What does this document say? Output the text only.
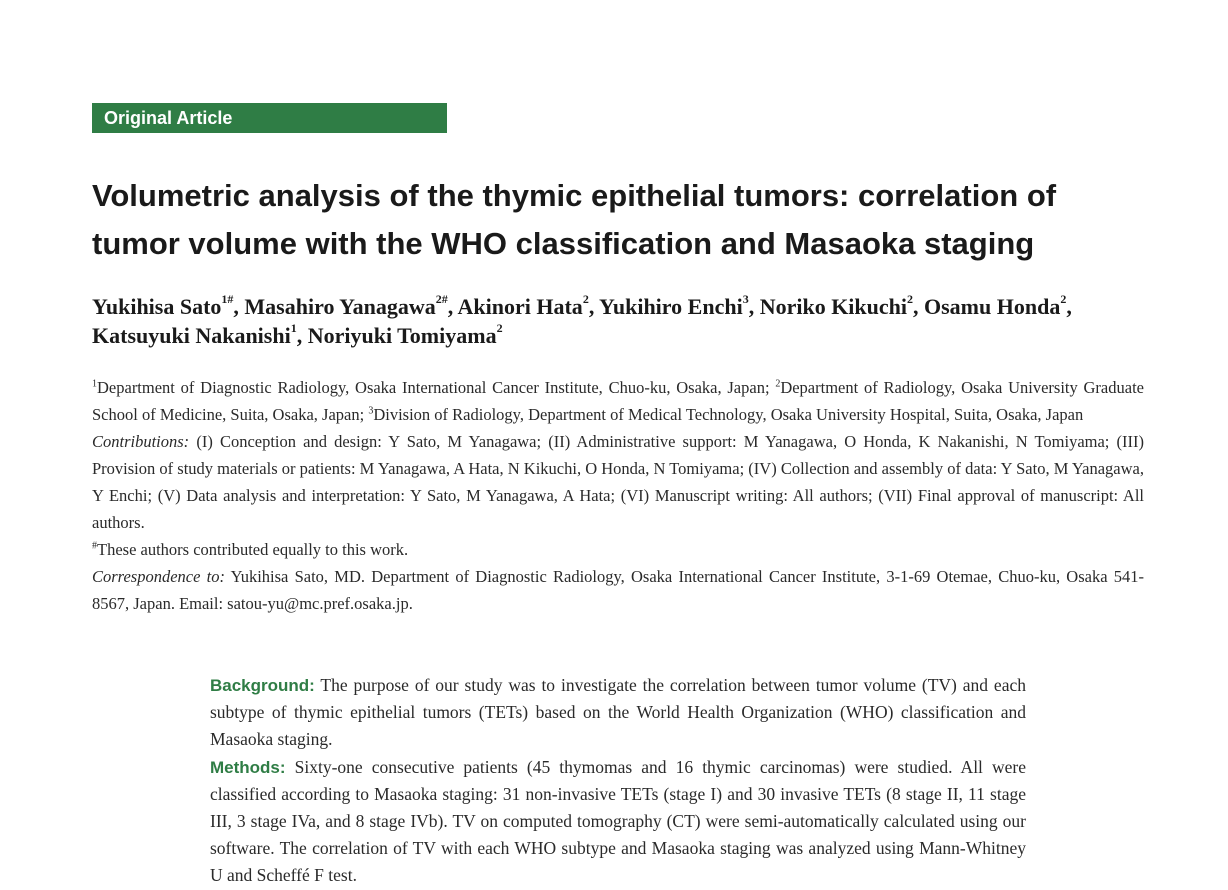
Original Article
Volumetric analysis of the thymic epithelial tumors: correlation of tumor volume with the WHO classification and Masaoka staging
Yukihisa Sato$^{1\#}$, Masahiro Yanagawa$^{2\#}$, Akinori Hata$^2$, Yukihiro Enchi$^3$, Noriko Kikuchi$^2$, Osamu Honda$^2$,
Katsuyuki Nakanishi$^1$, Noriyuki Tomiyama$^2$

$^1$Department of Diagnostic Radiology, Osaka International Cancer Institute, Chuo-ku, Osaka, Japan; $^2$Department of Radiology, Osaka University Graduate School of Medicine, Suita, Osaka, Japan; $^3$Division of Radiology, Department of Medical Technology, Osaka University Hospital, Suita, Osaka, Japan

Contributions: (I) Conception and design: Y Sato, M Yanagawa; (II) Administrative support: M Yanagawa, O Honda, K Nakanishi, N Tomiyama; (III) Provision of study materials or patients: M Yanagawa, A Hata, N Kikuchi, O Honda, N Tomiyama; (IV) Collection and assembly of data: Y Sato, M Yanagawa, Y Enchi; (V) Data analysis and interpretation: Y Sato, M Yanagawa, A Hata; (VI) Manuscript writing: All authors; (VII) Final approval of manuscript: All authors.

#These authors contributed equally to this work.

Correspondence to: Yukihisa Sato, MD. Department of Diagnostic Radiology, Osaka International Cancer Institute, 3-1-69 Otemae, Chuo-ku, Osaka 541-8567, Japan. Email: satou-yu@mc.pref.osaka.jp.

Background: The purpose of our study was to investigate the correlation between tumor volume (TV) and each subtype of thymic epithelial tumors (TETs) based on the World Health Organization (WHO) classification and Masaoka staging.

Methods: Sixty-one consecutive patients (45 thymomas and 16 thymic carcinomas) were studied. All were classified according to Masaoka staging: 31 non-invasive TETs (stage I) and 30 invasive TETs (8 stage II, 11 stage III, 3 stage IVa, and 8 stage IVb). TV on computed tomography (CT) were semi-automatically calculated using our software. The correlation of TV with each WHO subtype and Masaoka staging was analyzed using Mann-Whitney U and Scheffé F test.
